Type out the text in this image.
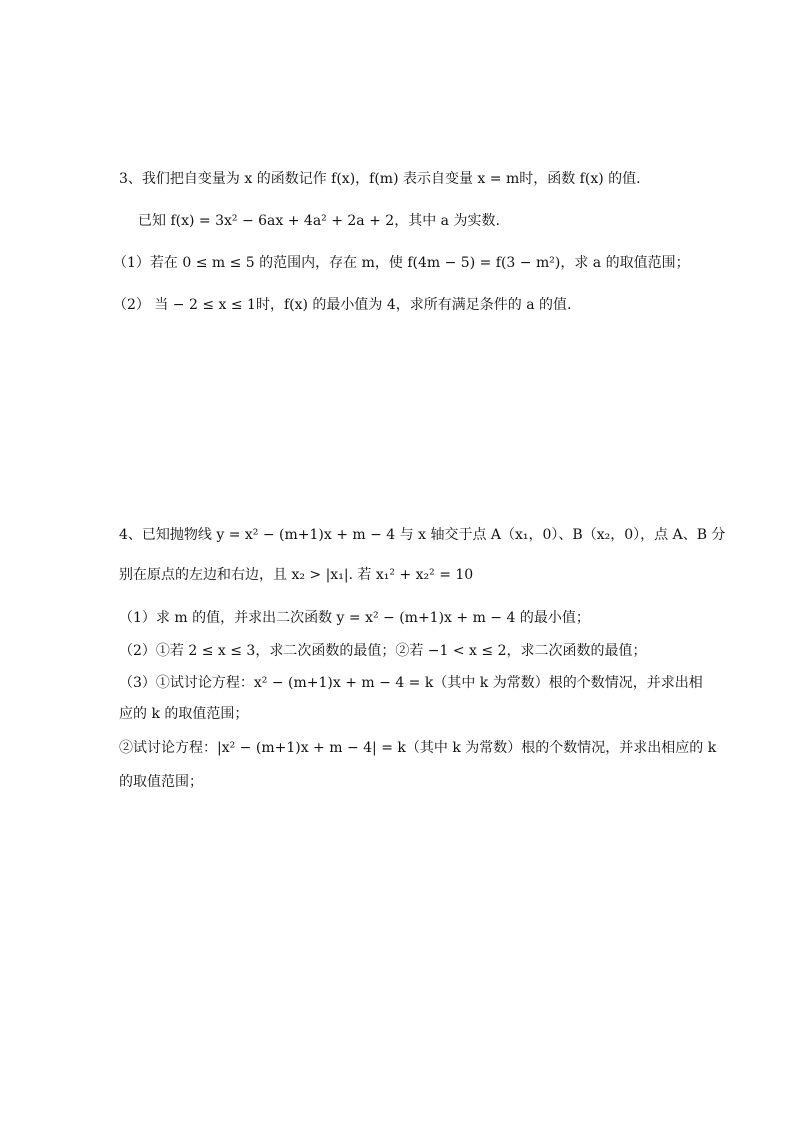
3、我们把自变量为 x 的函数记作 f(x)，f(m) 表示自变量 x = m时，函数 f(x) 的值.
已知 f(x) = 3x² − 6ax + 4a² + 2a + 2，其中 a 为实数.
（1）若在 0 ≤ m ≤ 5 的范围内，存在 m，使 f(4m − 5) = f(3 − m²)，求 a 的取值范围；
（2） 当 − 2 ≤ x ≤ 1时，f(x) 的最小值为 4，求所有满足条件的 a 的值.
4、已知抛物线 y = x² − (m+1)x + m − 4 与 x 轴交于点 A（x₁，0）、B（x₂，0），点 A、B 分
别在原点的左边和右边，且 x₂ > |x₁|. 若 x₁² + x₂² = 10
（1）求 m 的值，并求出二次函数 y = x² − (m+1)x + m − 4 的最小值；
（2）①若 2 ≤ x ≤ 3，求二次函数的最值；②若 −1 < x ≤ 2，求二次函数的最值；
（3）①试讨论方程：x² − (m+1)x + m − 4 = k（其中 k 为常数）根的个数情况，并求出相
应的 k 的取值范围；
②试讨论方程：|x² − (m+1)x + m − 4| = k（其中 k 为常数）根的个数情况，并求出相应的 k
的取值范围；
